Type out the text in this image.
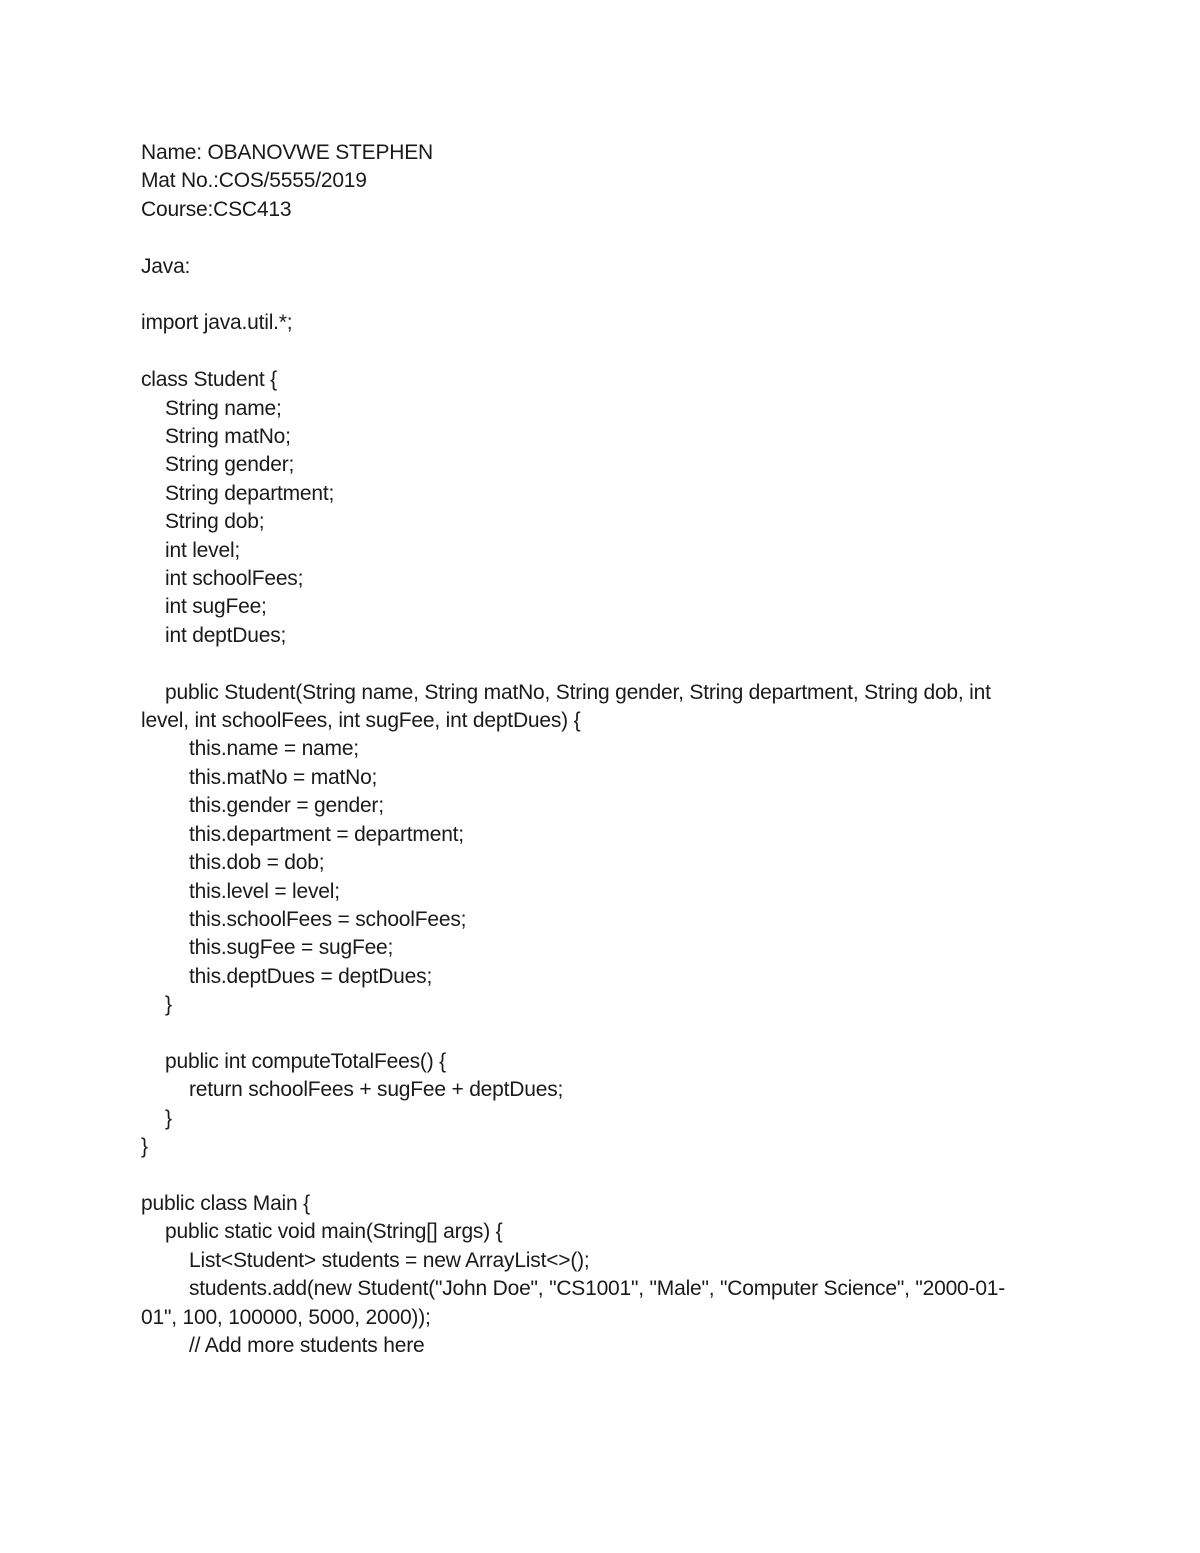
Name: OBANOVWE STEPHEN
Mat No.:COS/5555/2019
Course:CSC413
Java:
import java.util.*;
class Student {
String name;
String matNo;
String gender;
String department;
String dob;
int level;
int schoolFees;
int sugFee;
int deptDues;
public Student(String name, String matNo, String gender, String department, String dob, int
level, int schoolFees, int sugFee, int deptDues) {
this.name = name;
this.matNo = matNo;
this.gender = gender;
this.department = department;
this.dob = dob;
this.level = level;
this.schoolFees = schoolFees;
this.sugFee = sugFee;
this.deptDues = deptDues;
}
public int computeTotalFees() {
return schoolFees + sugFee + deptDues;
}
}
public class Main {
public static void main(String[] args) {
List<Student> students = new ArrayList<>();
students.add(new Student("John Doe", "CS1001", "Male", "Computer Science", "2000-01-
01", 100, 100000, 5000, 2000));
// Add more students here
